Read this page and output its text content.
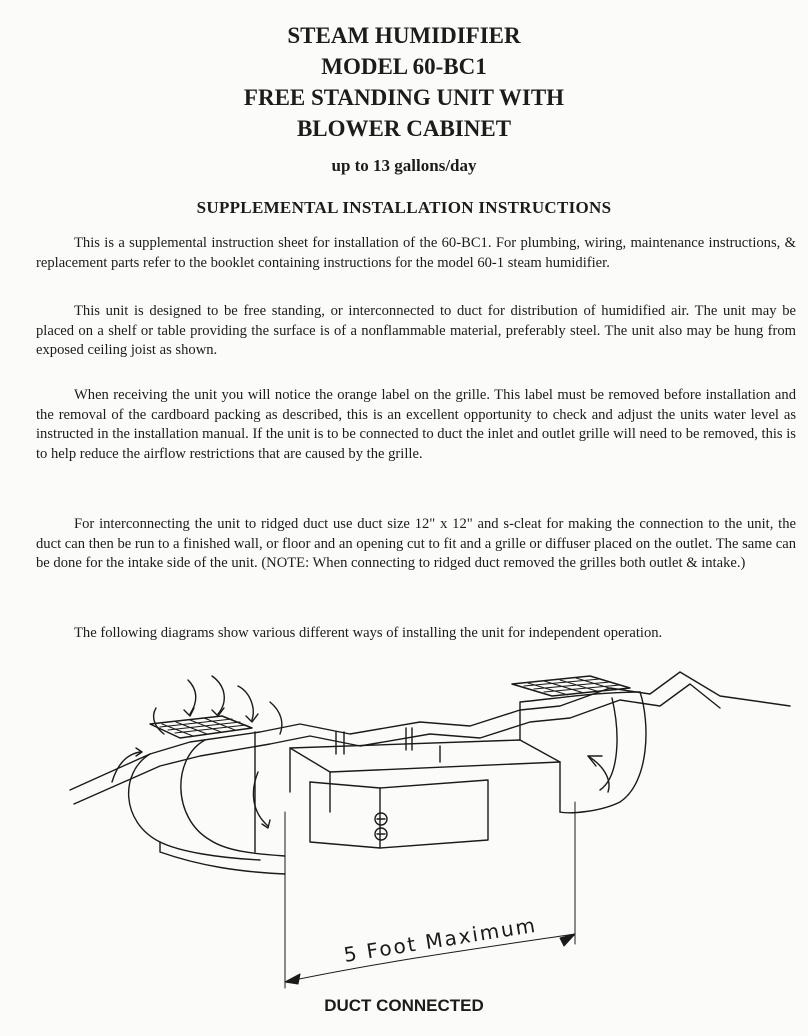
STEAM HUMIDIFIER
MODEL 60-BC1
FREE STANDING UNIT WITH
BLOWER CABINET
up to 13 gallons/day
SUPPLEMENTAL INSTALLATION INSTRUCTIONS

This is a supplemental instruction sheet for installation of the 60-BC1. For plumbing, wiring, maintenance instructions, & replacement parts refer to the booklet containing instructions for the model 60-1 steam humidifier.

This unit is designed to be free standing, or interconnected to duct for distribution of humidified air. The unit may be placed on a shelf or table providing the surface is of a nonflammable material, preferably steel. The unit also may be hung from exposed ceiling joist as shown.

When receiving the unit you will notice the orange label on the grille. This label must be removed before installation and the removal of the cardboard packing as described, this is an excellent opportunity to check and adjust the units water level as instructed in the installation manual. If the unit is to be connected to duct the inlet and outlet grille will need to be removed, this is to help reduce the airflow restrictions that are caused by the grille.

For interconnecting the unit to ridged duct use duct size 12" x 12" and s-cleat for making the connection to the unit, the duct can then be run to a finished wall, or floor and an opening cut to fit and a grille or diffuser placed on the outlet. The same can be done for the intake side of the unit. (NOTE: When connecting to ridged duct removed the grilles both outlet & intake.)

The following diagrams show various different ways of installing the unit for independent operation.

5 Foot Maximum
DUCT CONNECTED
